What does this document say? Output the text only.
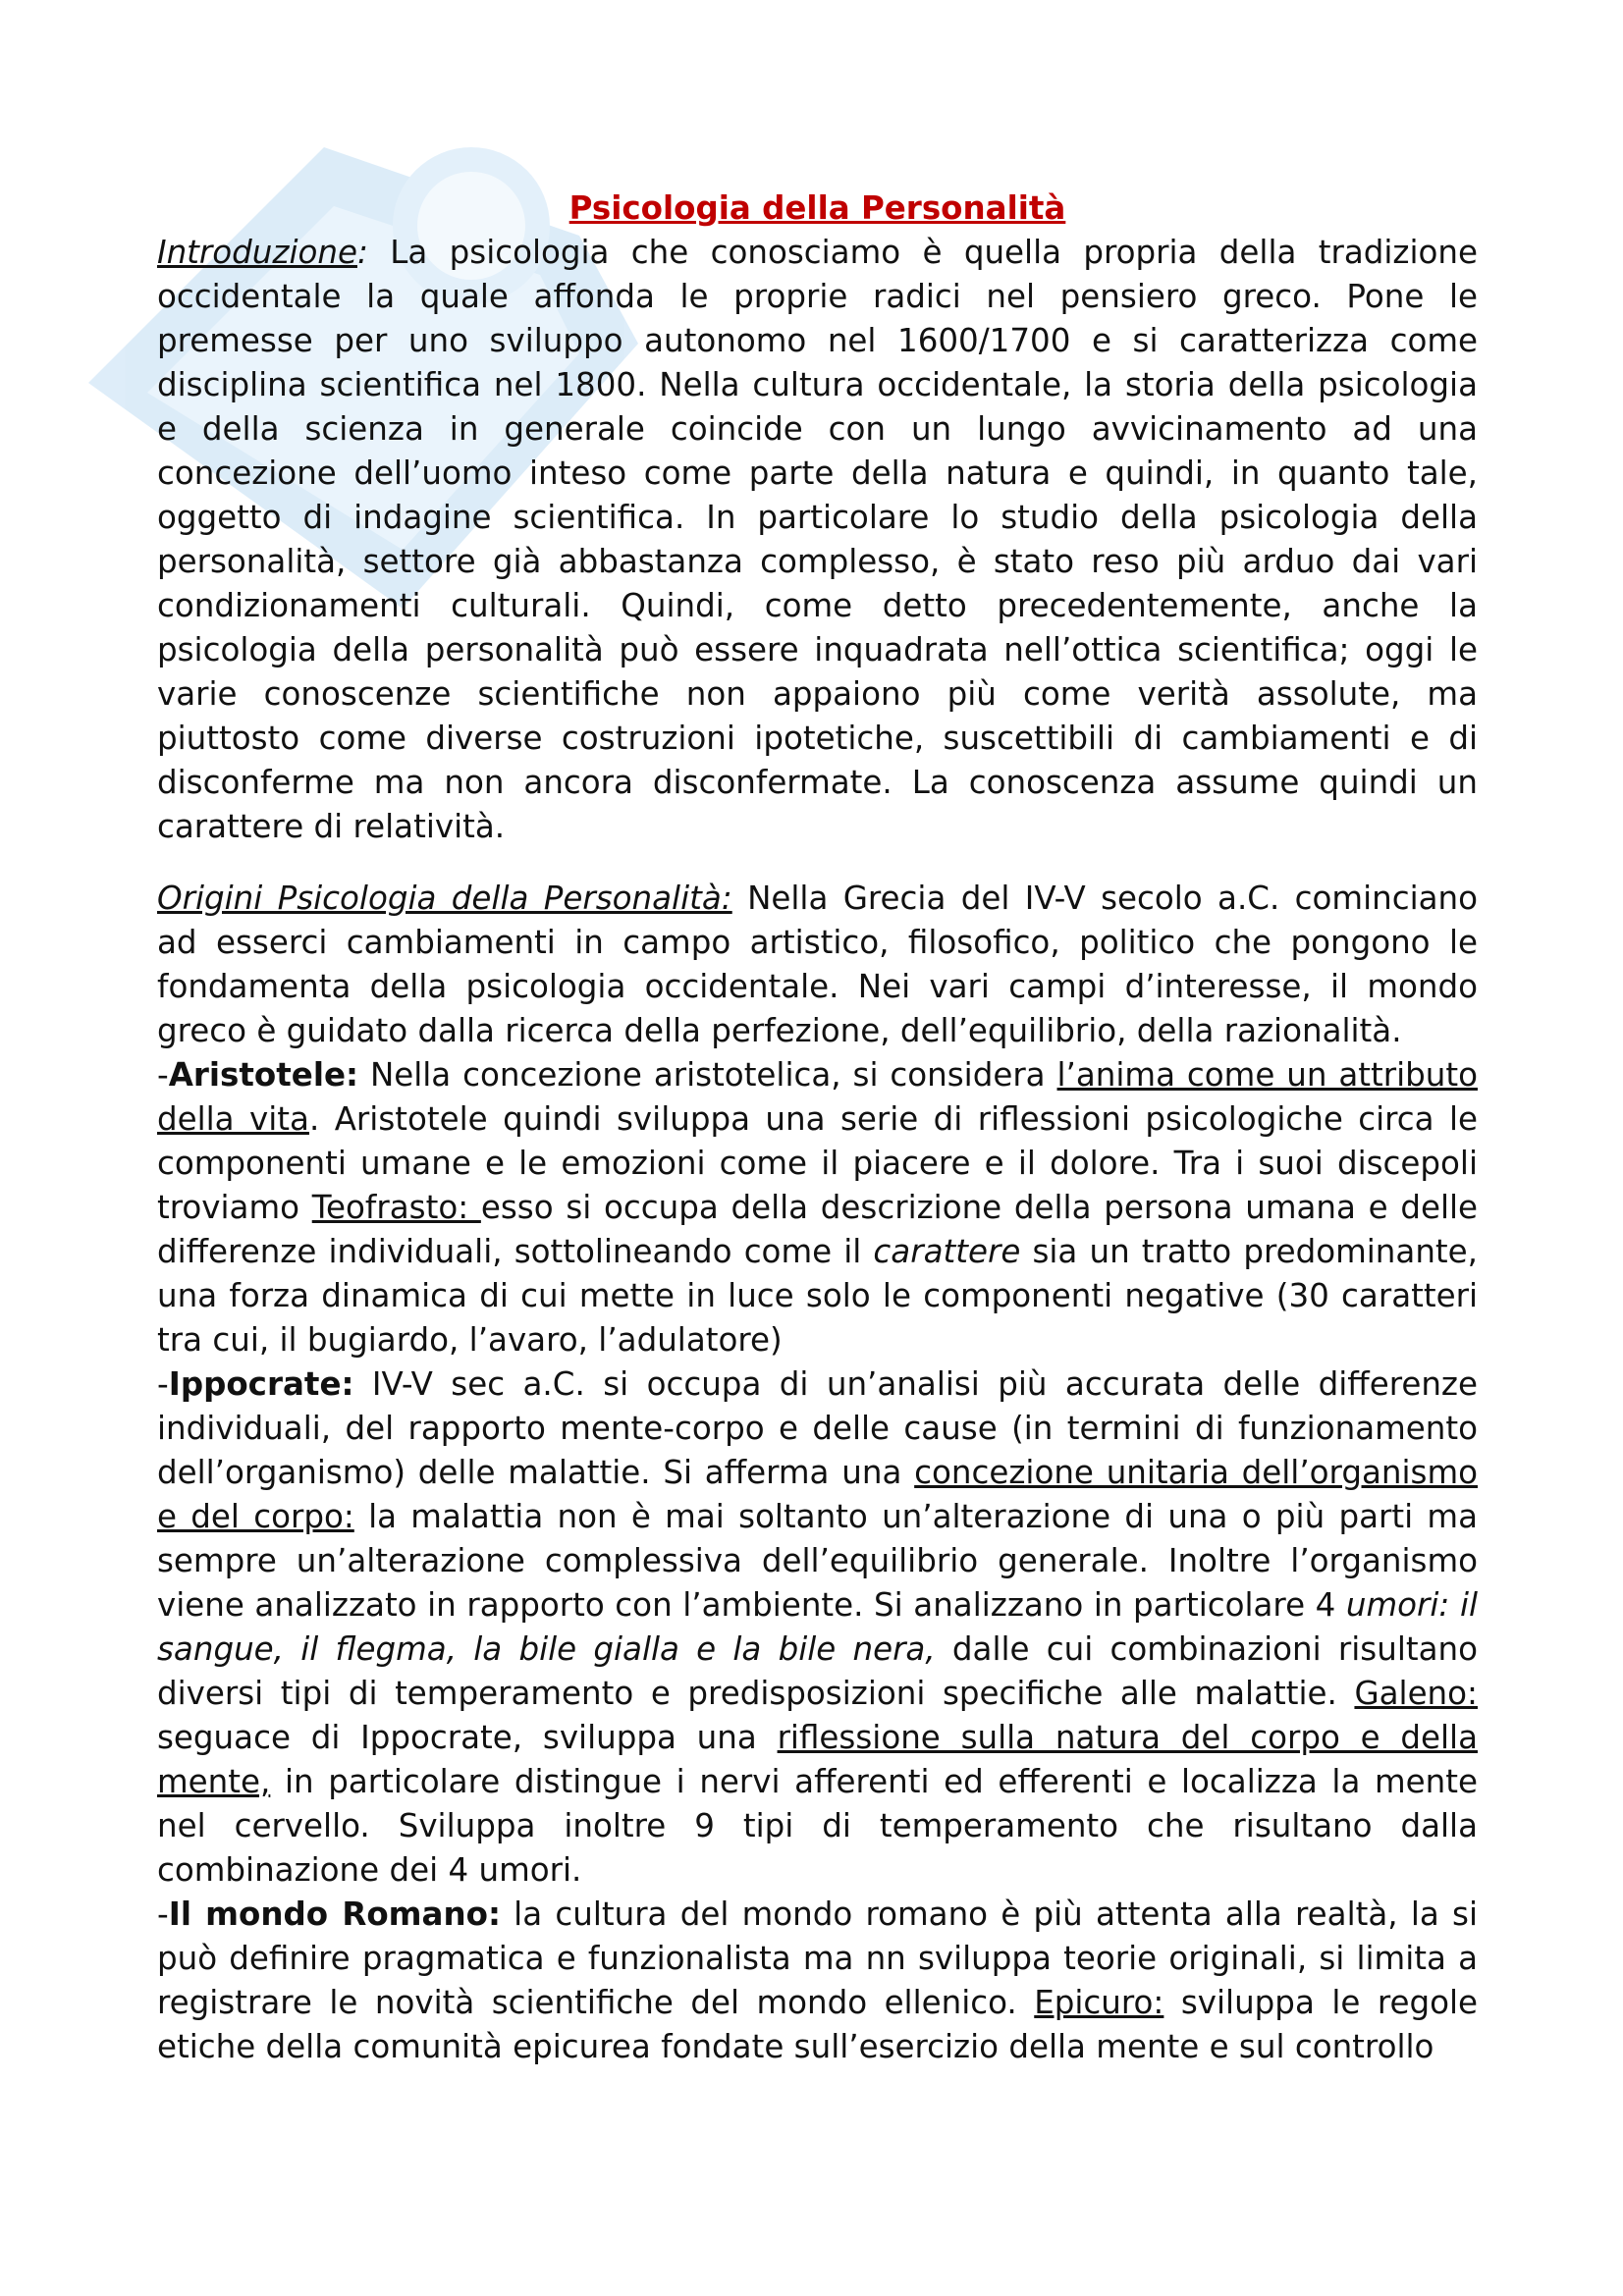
Psicologia della Personalità

Introduzione: La psicologia che conosciamo è quella propria della tradizione occidentale la quale affonda le proprie radici nel pensiero greco. Pone le premesse per uno sviluppo autonomo nel 1600/1700 e si caratterizza come disciplina scientifica nel 1800. Nella cultura occidentale, la storia della psicologia e della scienza in generale coincide con un lungo avvicinamento ad una concezione dell’uomo inteso come parte della natura e quindi, in quanto tale, oggetto di indagine scientifica. In particolare lo studio della psicologia della personalità, settore già abbastanza complesso, è stato reso più arduo dai vari condizionamenti culturali. Quindi, come detto precedentemente, anche la psicologia della personalità può essere inquadrata nell’ottica scientifica; oggi le varie conoscenze scientifiche non appaiono più come verità assolute, ma piuttosto come diverse costruzioni ipotetiche, suscettibili di cambiamenti e di disconferme ma non ancora disconfermate. La conoscenza assume quindi un carattere di relatività.

Origini Psicologia della Personalità: Nella Grecia del IV-V secolo a.C. cominciano ad esserci cambiamenti in campo artistico, filosofico, politico che pongono le fondamenta della psicologia occidentale. Nei vari campi d’interesse, il mondo greco è guidato dalla ricerca della perfezione, dell’equilibrio, della razionalità.

-Aristotele: Nella concezione aristotelica, si considera l’anima come un attributo della vita. Aristotele quindi sviluppa una serie di riflessioni psicologiche circa le componenti umane e le emozioni come il piacere e il dolore. Tra i suoi discepoli troviamo Teofrasto: esso si occupa della descrizione della persona umana e delle differenze individuali, sottolineando come il carattere sia un tratto predominante, una forza dinamica di cui mette in luce solo le componenti negative (30 caratteri tra cui, il bugiardo, l’avaro, l’adulatore)

-Ippocrate: IV-V sec a.C. si occupa di un’analisi più accurata delle differenze individuali, del rapporto mente-corpo e delle cause (in termini di funzionamento dell’organismo) delle malattie. Si afferma una concezione unitaria dell’organismo e del corpo: la malattia non è mai soltanto un’alterazione di una o più parti ma sempre un’alterazione complessiva dell’equilibrio generale. Inoltre l’organismo viene analizzato in rapporto con l’ambiente. Si analizzano in particolare 4 umori: il sangue, il flegma, la bile gialla e la bile nera, dalle cui combinazioni risultano diversi tipi di temperamento e predisposizioni specifiche alle malattie. Galeno: seguace di Ippocrate, sviluppa una riflessione sulla natura del corpo e della mente, in particolare distingue i nervi afferenti ed efferenti e localizza la mente nel cervello. Sviluppa inoltre 9 tipi di temperamento che risultano dalla combinazione dei 4 umori.

-Il mondo Romano: la cultura del mondo romano è più attenta alla realtà, la si può definire pragmatica e funzionalista ma nn sviluppa teorie originali, si limita a registrare le novità scientifiche del mondo ellenico. Epicuro: sviluppa le regole etiche della comunità epicurea fondate sull’esercizio della mente e sul controllo
